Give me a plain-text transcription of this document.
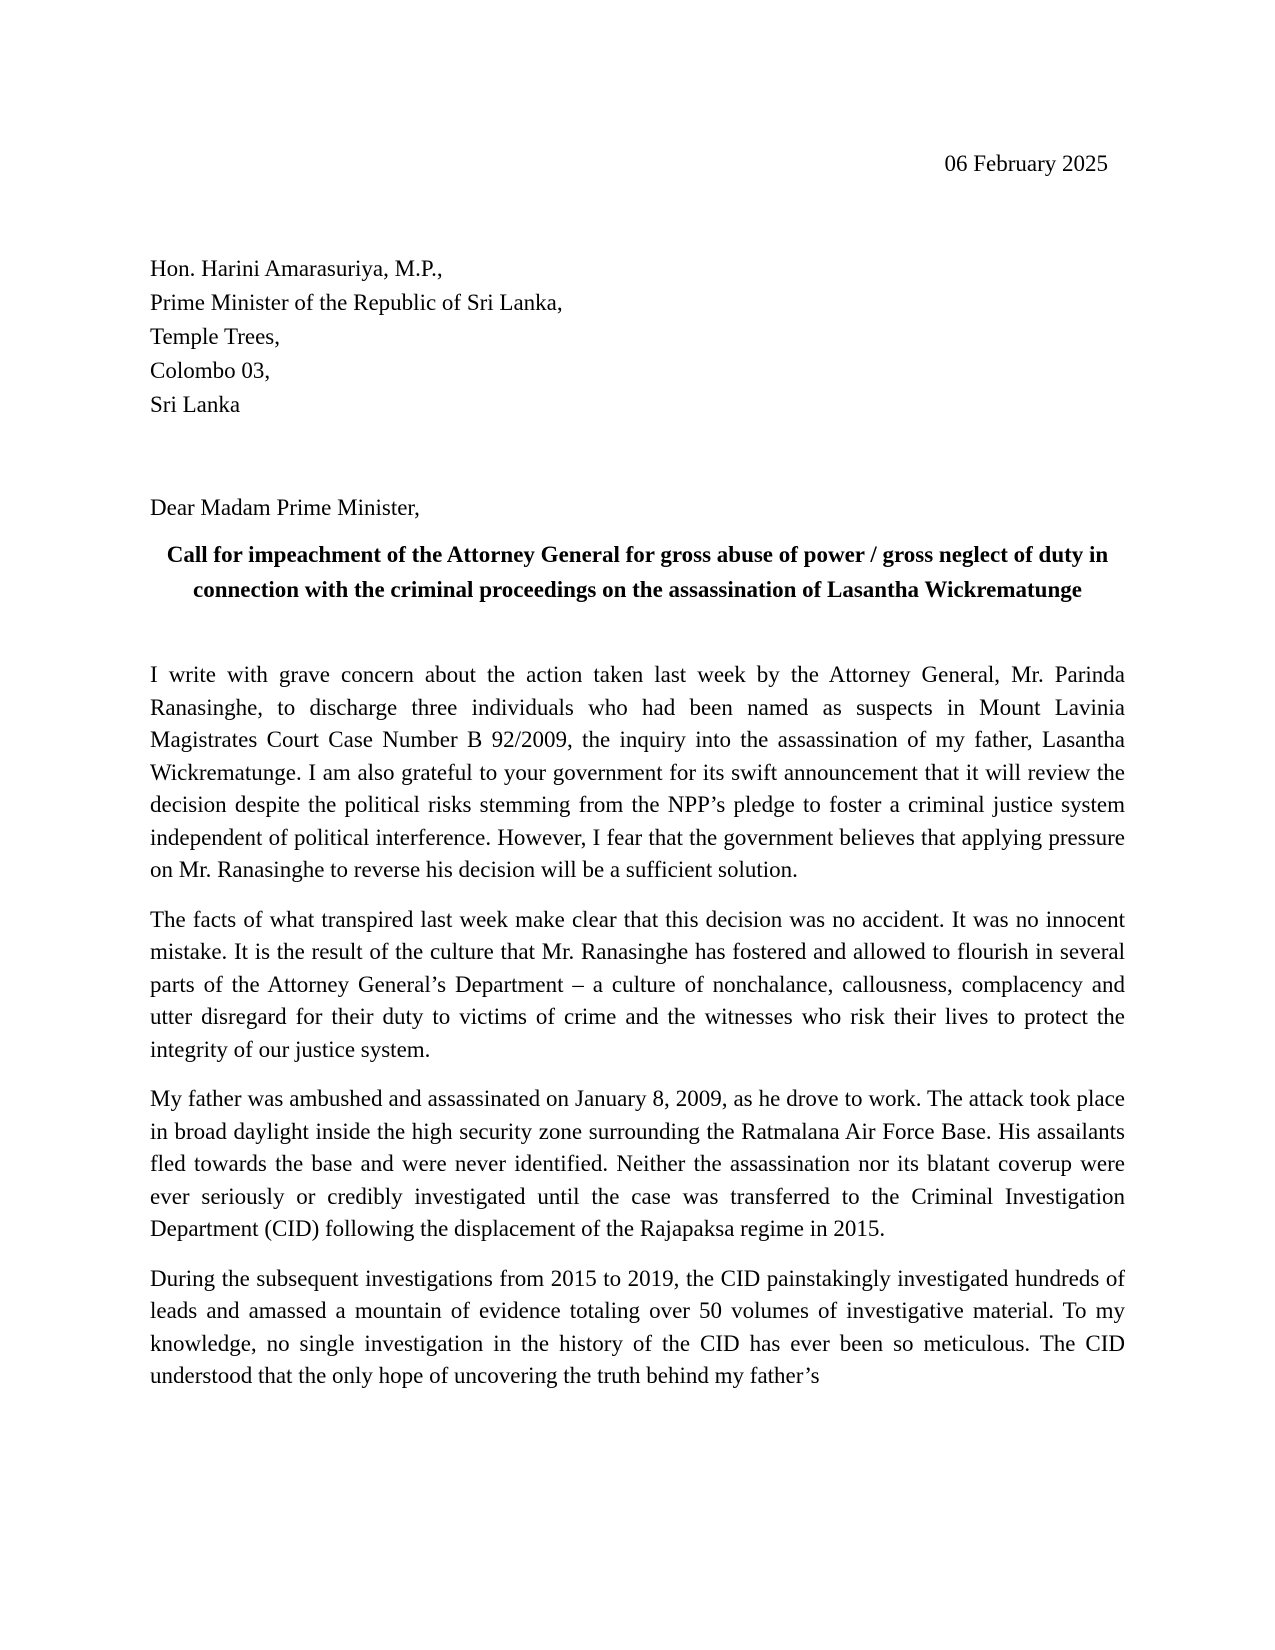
06 February 2025
Hon. Harini Amarasuriya, M.P.,
Prime Minister of the Republic of Sri Lanka,
Temple Trees,
Colombo 03,
Sri Lanka
Dear Madam Prime Minister,
Call for impeachment of the Attorney General for gross abuse of power / gross neglect of duty in connection with the criminal proceedings on the assassination of Lasantha Wickrematunge

I write with grave concern about the action taken last week by the Attorney General, Mr. Parinda Ranasinghe, to discharge three individuals who had been named as suspects in Mount Lavinia Magistrates Court Case Number B 92/2009, the inquiry into the assassination of my father, Lasantha Wickrematunge. I am also grateful to your government for its swift announcement that it will review the decision despite the political risks stemming from the NPP’s pledge to foster a criminal justice system independent of political interference. However, I fear that the government believes that applying pressure on Mr. Ranasinghe to reverse his decision will be a sufficient solution.

The facts of what transpired last week make clear that this decision was no accident. It was no innocent mistake. It is the result of the culture that Mr. Ranasinghe has fostered and allowed to flourish in several parts of the Attorney General’s Department – a culture of nonchalance, callousness, complacency and utter disregard for their duty to victims of crime and the witnesses who risk their lives to protect the integrity of our justice system.

My father was ambushed and assassinated on January 8, 2009, as he drove to work. The attack took place in broad daylight inside the high security zone surrounding the Ratmalana Air Force Base. His assailants fled towards the base and were never identified. Neither the assassination nor its blatant coverup were ever seriously or credibly investigated until the case was transferred to the Criminal Investigation Department (CID) following the displacement of the Rajapaksa regime in 2015.

During the subsequent investigations from 2015 to 2019, the CID painstakingly investigated hundreds of leads and amassed a mountain of evidence totaling over 50 volumes of investigative material. To my knowledge, no single investigation in the history of the CID has ever been so meticulous. The CID understood that the only hope of uncovering the truth behind my father’s
